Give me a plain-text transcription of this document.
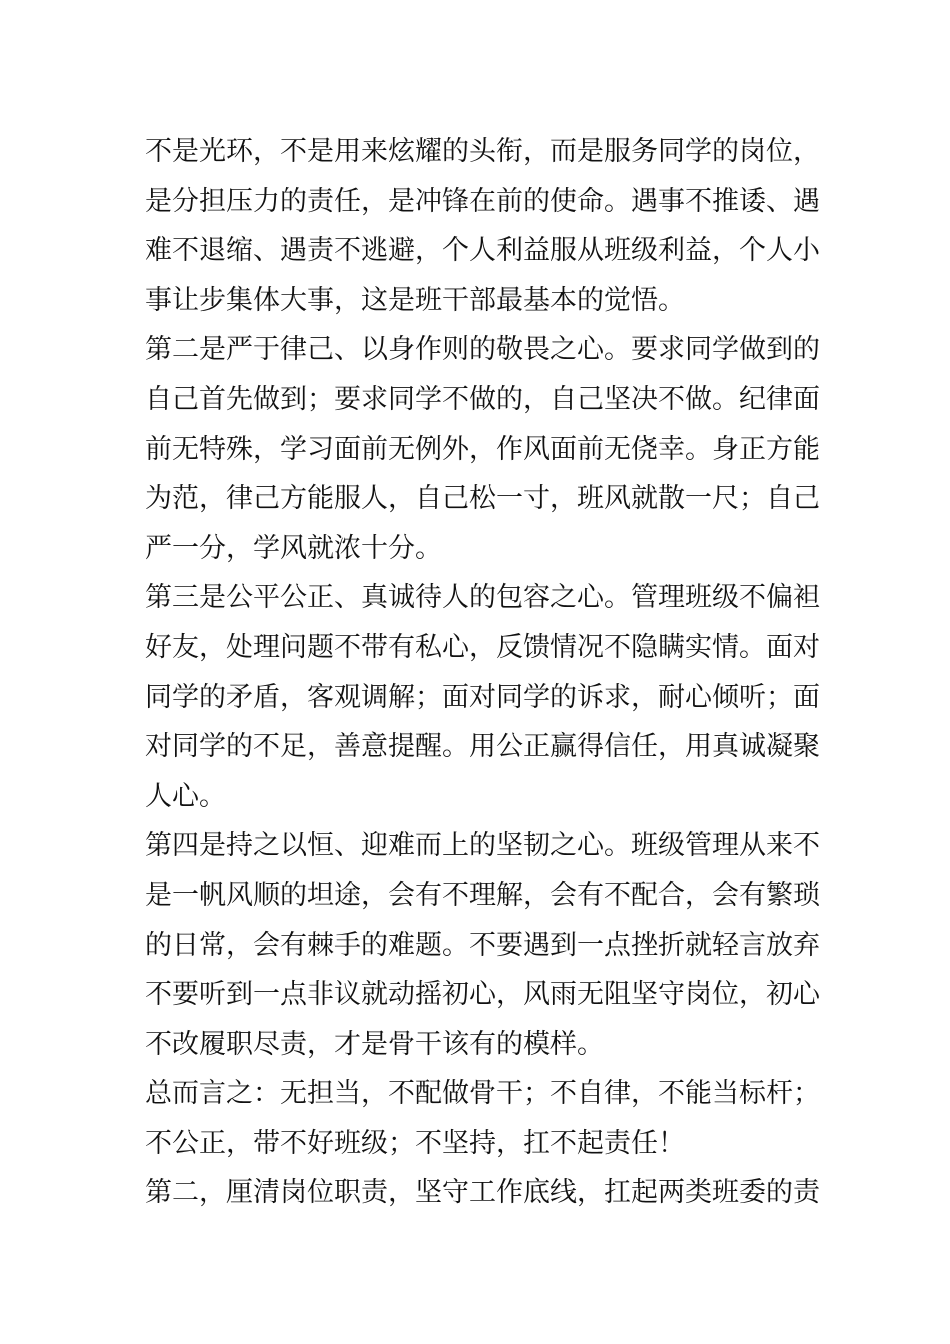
不是光环，不是用来炫耀的头衔，而是服务同学的岗位，
是分担压力的责任，是冲锋在前的使命。遇事不推诿、遇
难不退缩、遇责不逃避，个人利益服从班级利益，个人小
事让步集体大事，这是班干部最基本的觉悟。
第二是严于律己、以身作则的敬畏之心。要求同学做到的
自己首先做到；要求同学不做的，自己坚决不做。纪律面
前无特殊，学习面前无例外，作风面前无侥幸。身正方能
为范，律己方能服人，自己松一寸，班风就散一尺；自己
严一分，学风就浓十分。
第三是公平公正、真诚待人的包容之心。管理班级不偏袒
好友，处理问题不带有私心，反馈情况不隐瞒实情。面对
同学的矛盾，客观调解；面对同学的诉求，耐心倾听；面
对同学的不足，善意提醒。用公正赢得信任，用真诚凝聚
人心。
第四是持之以恒、迎难而上的坚韧之心。班级管理从来不
是一帆风顺的坦途，会有不理解，会有不配合，会有繁琐
的日常，会有棘手的难题。不要遇到一点挫折就轻言放弃
不要听到一点非议就动摇初心，风雨无阻坚守岗位，初心
不改履职尽责，才是骨干该有的模样。
总而言之：无担当，不配做骨干；不自律，不能当标杆；
不公正，带不好班级；不坚持，扛不起责任！
第二，厘清岗位职责，坚守工作底线，扛起两类班委的责
